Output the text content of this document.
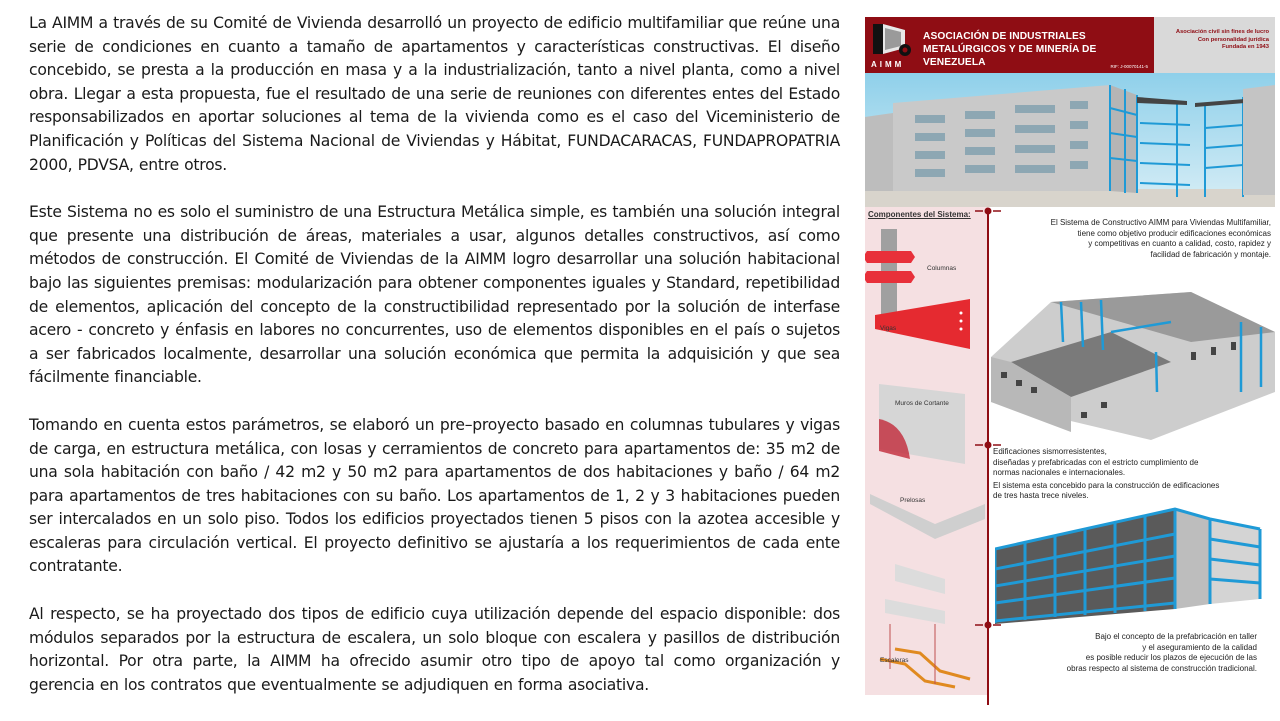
La AIMM a través de su Comité de Vivienda desarrolló un proyecto de edificio multifamiliar que reúne una serie de condiciones en cuanto a tamaño de apartamentos y características constructivas. El diseño concebido, se presta a la producción en masa y a la industrialización, tanto a nivel planta, como a nivel obra. Llegar a esta propuesta, fue el resultado de una serie de reuniones con diferentes entes del Estado responsabilizados en aportar soluciones al tema de la vivienda como es el caso del Viceministerio de Planificación y Políticas del Sistema Nacional de Viviendas y Hábitat, FUNDACARACAS, FUNDAPROPATRIA 2000, PDVSA, entre otros.

Este Sistema no es solo el suministro de una Estructura Metálica simple, es también una solución integral que presente una distribución de áreas, materiales a usar, algunos detalles constructivos, así como métodos de construcción. El Comité de Viviendas de la AIMM logro desarrollar una solución habitacional bajo las siguientes premisas: modularización para obtener componentes iguales y Standard, repetibilidad de elementos, aplicación del concepto de la constructibilidad representado por la solución de interfase acero - concreto y énfasis en labores no concurrentes, uso de elementos disponibles en el país o sujetos a ser fabricados localmente, desarrollar una solución económica que permita la adquisición y que sea fácilmente financiable.

Tomando en cuenta estos parámetros, se elaboró un pre–proyecto basado en columnas tubulares y vigas de carga, en estructura metálica, con losas y cerramientos de concreto para apartamentos de: 35 m2 de una sola habitación con baño / 42 m2 y 50 m2 para apartamentos de dos habitaciones y baño / 64 m2 para apartamentos de tres habitaciones con su baño. Los apartamentos de 1, 2 y 3 habitaciones pueden ser intercalados en un solo piso. Todos los edificios proyectados tienen 5 pisos con la azotea accesible y escaleras para circulación vertical. El proyecto definitivo se ajustaría a los requerimientos de cada ente contratante.

Al respecto, se ha proyectado dos tipos de edificio cuya utilización depende del espacio disponible: dos módulos separados por la estructura de escalera, un solo bloque con escalera y pasillos de distribución horizontal. Por otra parte, la AIMM ha ofrecido asumir otro tipo de apoyo tal como organización y gerencia en los contratos que eventualmente se adjudiquen en forma asociativa.

AIMM
ASOCIACIÓN DE INDUSTRIALES
METALÚRGICOS Y DE MINERÍA DE VENEZUELA	RIF: J-00070141-5
Asociación civil sin fines de lucro
Con personalidad jurídica
Fundada en 1943
Componentes del Sistema:
Columnas
Vigas
Muros de Cortante
Prelosas
Escaleras
El Sistema de Constructivo AIMM para Viviendas Multifamiliar,
tiene como objetivo producir edificaciones económicas
y competitivas en cuanto a calidad, costo, rapidez y
facilidad de fabricación y montaje.
Edificaciones sismorresistentes,
diseñadas y prefabricadas con el estricto cumplimiento de
normas nacionales e internacionales.
El sistema esta concebido para la construcción de edificaciones
de tres hasta trece niveles.
Bajo el concepto de la prefabricación en taller
y el aseguramiento de la calidad
es posible reducir los plazos de ejecución de las
obras respecto al sistema de construcción tradicional.
